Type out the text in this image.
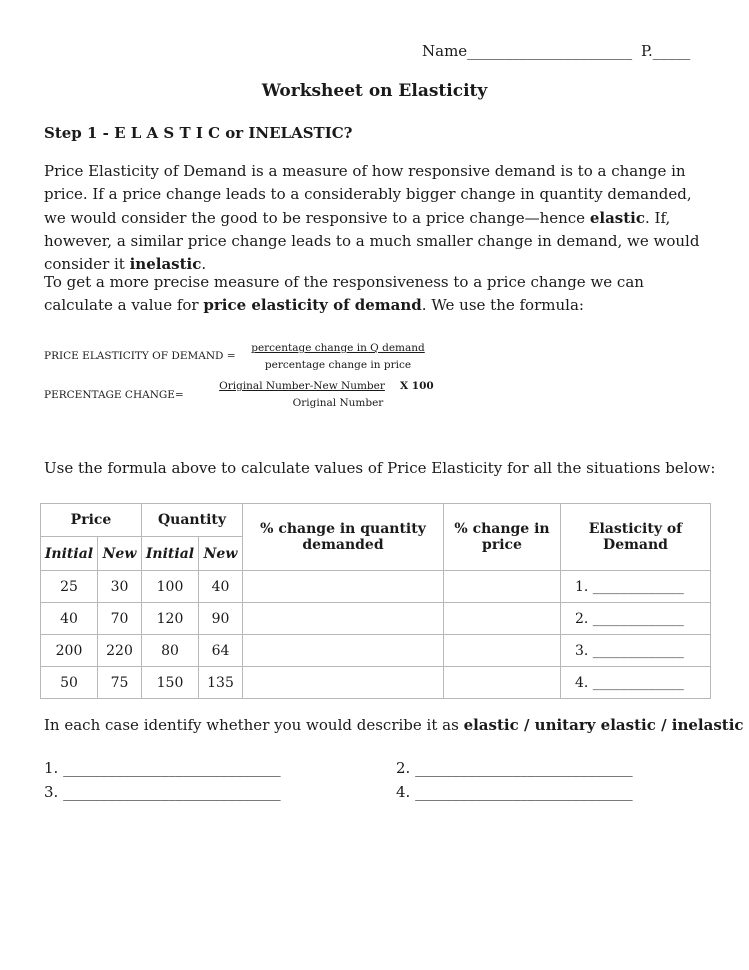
Name______________________ P._____
Worksheet on Elasticity
Step 1 - E L A S T I C or INELASTIC?
Price Elasticity of Demand is a measure of how responsive demand is to a change in price. If a price change leads to a considerably bigger change in quantity demanded, we would consider the good to be responsive to a price change—hence elastic. If, however, a similar price change leads to a much smaller change in demand, we would consider it inelastic.
To get a more precise measure of the responsiveness to a price change we can calculate a value for price elasticity of demand. We use the formula:
PRICE ELASTICITY OF DEMAND =
percentage change in Q demand
percentage change in price
PERCENTAGE CHANGE=
Original Number-New Number
Original Number
X 100
Use the formula above to calculate values of Price Elasticity for all the situations below:
Price		Quantity		% change in quantity demanded	% change in price	Elasticity of Demand
Initial	New	Initial	New			
25	30	100	40			1. _____________
40	70	120	90			2. _____________
200	220	80	64			3. _____________
50	75	150	135			4. _____________
In each case identify whether you would describe it as elastic / unitary elastic / inelastic
1. _____________________________	2. _____________________________
3. _____________________________	4. _____________________________
